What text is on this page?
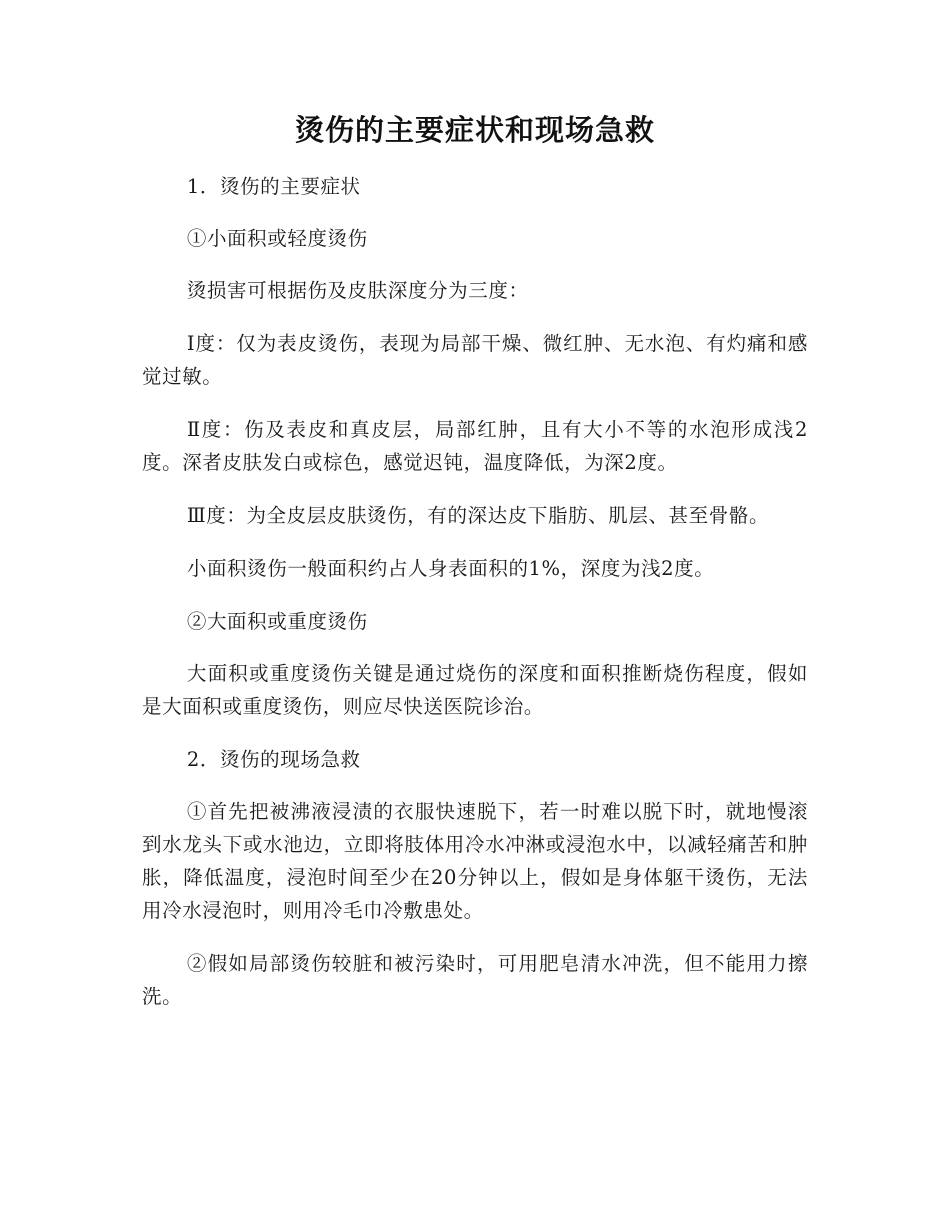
烫伤的主要症状和现场急救

1．烫伤的主要症状

①小面积或轻度烫伤

烫损害可根据伤及皮肤深度分为三度：

Ⅰ度：仅为表皮烫伤，表现为局部干燥、微红肿、无水泡、有灼痛和感觉过敏。

Ⅱ度：伤及表皮和真皮层，局部红肿，且有大小不等的水泡形成浅2度。深者皮肤发白或棕色，感觉迟钝，温度降低，为深2度。

Ⅲ度：为全皮层皮肤烫伤，有的深达皮下脂肪、肌层、甚至骨骼。

小面积烫伤一般面积约占人身表面积的1%，深度为浅2度。

②大面积或重度烫伤

大面积或重度烫伤关键是通过烧伤的深度和面积推断烧伤程度，假如是大面积或重度烫伤，则应尽快送医院诊治。

2．烫伤的现场急救

①首先把被沸液浸渍的衣服快速脱下，若一时难以脱下时，就地慢滚到水龙头下或水池边，立即将肢体用冷水冲淋或浸泡水中，以减轻痛苦和肿胀，降低温度，浸泡时间至少在20分钟以上，假如是身体躯干烫伤，无法用冷水浸泡时，则用冷毛巾冷敷患处。

②假如局部烫伤较脏和被污染时，可用肥皂清水冲洗，但不能用力擦洗。
